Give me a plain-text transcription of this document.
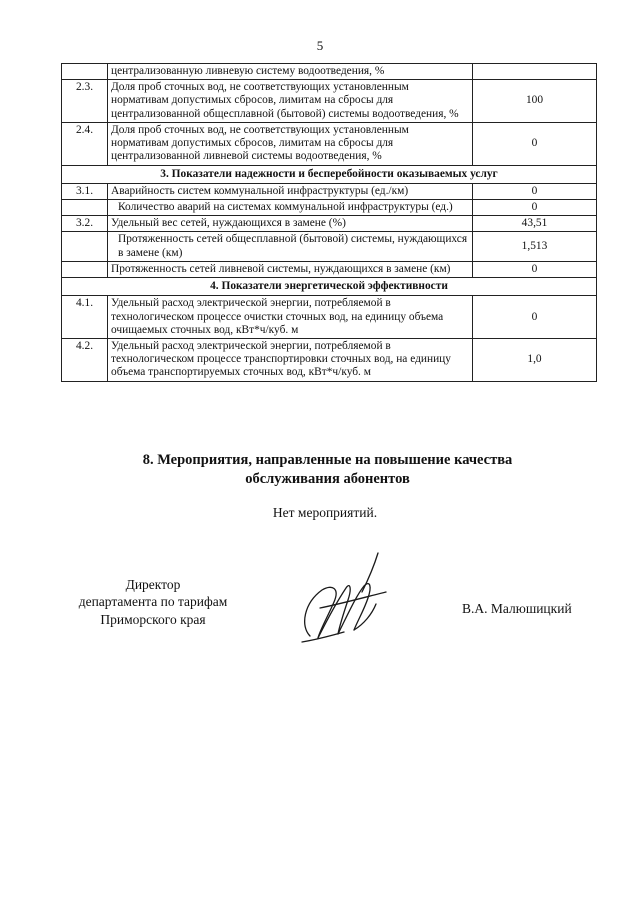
5
	централизованную ливневую систему водоотведения, %	
2.3.	Доля проб сточных вод, не соответствующих установленным нормативам допустимых сбросов, лимитам на сбросы для централизованной общесплавной (бытовой) системы водоотведения, %	100
2.4.	Доля проб сточных вод, не соответствующих установленным нормативам допустимых сбросов, лимитам на сбросы для централизованной ливневой системы водоотведения, %	0
3. Показатели надежности и бесперебойности оказываемых услуг		
3.1.	Аварийность систем коммунальной инфраструктуры (ед./км)	0
	Количество аварий на системах коммунальной инфраструктуры (ед.)	0
3.2.	Удельный вес сетей, нуждающихся в замене (%)	43,51
	Протяженность сетей общесплавной (бытовой) системы, нуждающихся в замене (км)	1,513
	Протяженность сетей ливневой системы, нуждающихся в замене (км)	0
4. Показатели энергетической эффективности		
4.1.	Удельный расход электрической энергии, потребляемой в технологическом процессе очистки сточных вод, на единицу объема очищаемых сточных вод, кВт*ч/куб. м	0
4.2.	Удельный расход электрической энергии, потребляемой в технологическом процессе транспортировки сточных вод, на единицу объема транспортируемых сточных вод, кВт*ч/куб. м	1,0
8. Мероприятия, направленные на повышение качества
обслуживания абонентов
Нет мероприятий.
Директор
департамента по тарифам
Приморского края
В.А. Малюшицкий
